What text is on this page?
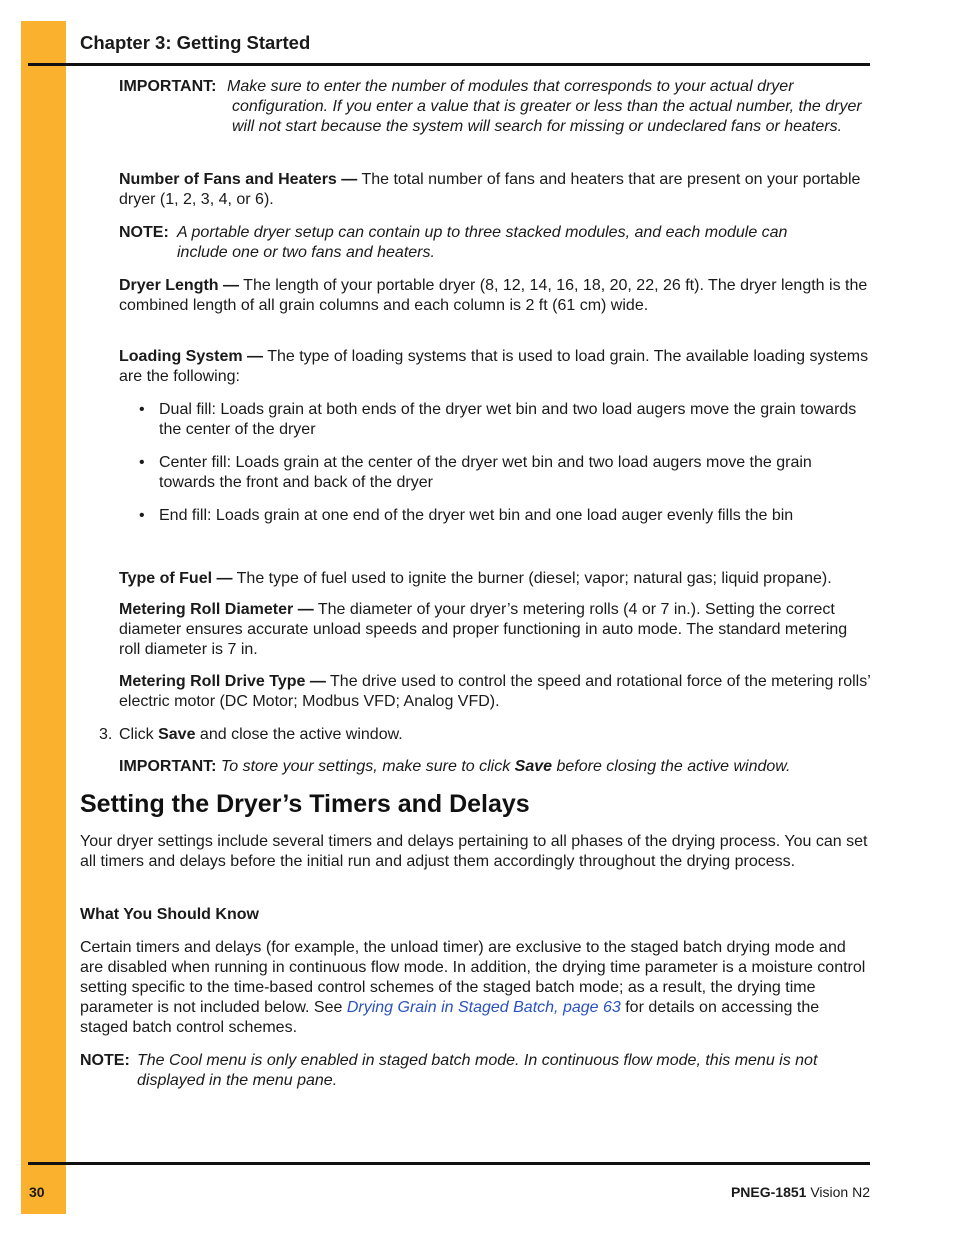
Chapter 3: Getting Started
IMPORTANT: Make sure to enter the number of modules that corresponds to your actual dryer configuration. If you enter a value that is greater or less than the actual number, the dryer will not start because the system will search for missing or undeclared fans or heaters.

Number of Fans and Heaters — The total number of fans and heaters that are present on your portable dryer (1, 2, 3, 4, or 6).

NOTE: A portable dryer setup can contain up to three stacked modules, and each module can include one or two fans and heaters.

Dryer Length — The length of your portable dryer (8, 12, 14, 16, 18, 20, 22, 26 ft). The dryer length is the combined length of all grain columns and each column is 2 ft (61 cm) wide.

Loading System — The type of loading systems that is used to load grain. The available loading systems are the following:

• Dual fill: Loads grain at both ends of the dryer wet bin and two load augers move the grain towards the center of the dryer
• Center fill: Loads grain at the center of the dryer wet bin and two load augers move the grain towards the front and back of the dryer
• End fill: Loads grain at one end of the dryer wet bin and one load auger evenly fills the bin

Type of Fuel — The type of fuel used to ignite the burner (diesel; vapor; natural gas; liquid propane).

Metering Roll Diameter — The diameter of your dryer’s metering rolls (4 or 7 in.). Setting the correct diameter ensures accurate unload speeds and proper functioning in auto mode. The standard metering roll diameter is 7 in.

Metering Roll Drive Type — The drive used to control the speed and rotational force of the metering rolls’ electric motor (DC Motor; Modbus VFD; Analog VFD).

3. Click Save and close the active window.
IMPORTANT: To store your settings, make sure to click Save before closing the active window.
Setting the Dryer’s Timers and Delays

Your dryer settings include several timers and delays pertaining to all phases of the drying process. You can set all timers and delays before the initial run and adjust them accordingly throughout the drying process.

What You Should Know

Certain timers and delays (for example, the unload timer) are exclusive to the staged batch drying mode and are disabled when running in continuous flow mode. In addition, the drying time parameter is a moisture control setting specific to the time-based control schemes of the staged batch mode; as a result, the drying time parameter is not included below. See Drying Grain in Staged Batch, page 63 for details on accessing the staged batch control schemes.

NOTE: The Cool menu is only enabled in staged batch mode. In continuous flow mode, this menu is not displayed in the menu pane.
30	PNEG-1851 Vision N2
